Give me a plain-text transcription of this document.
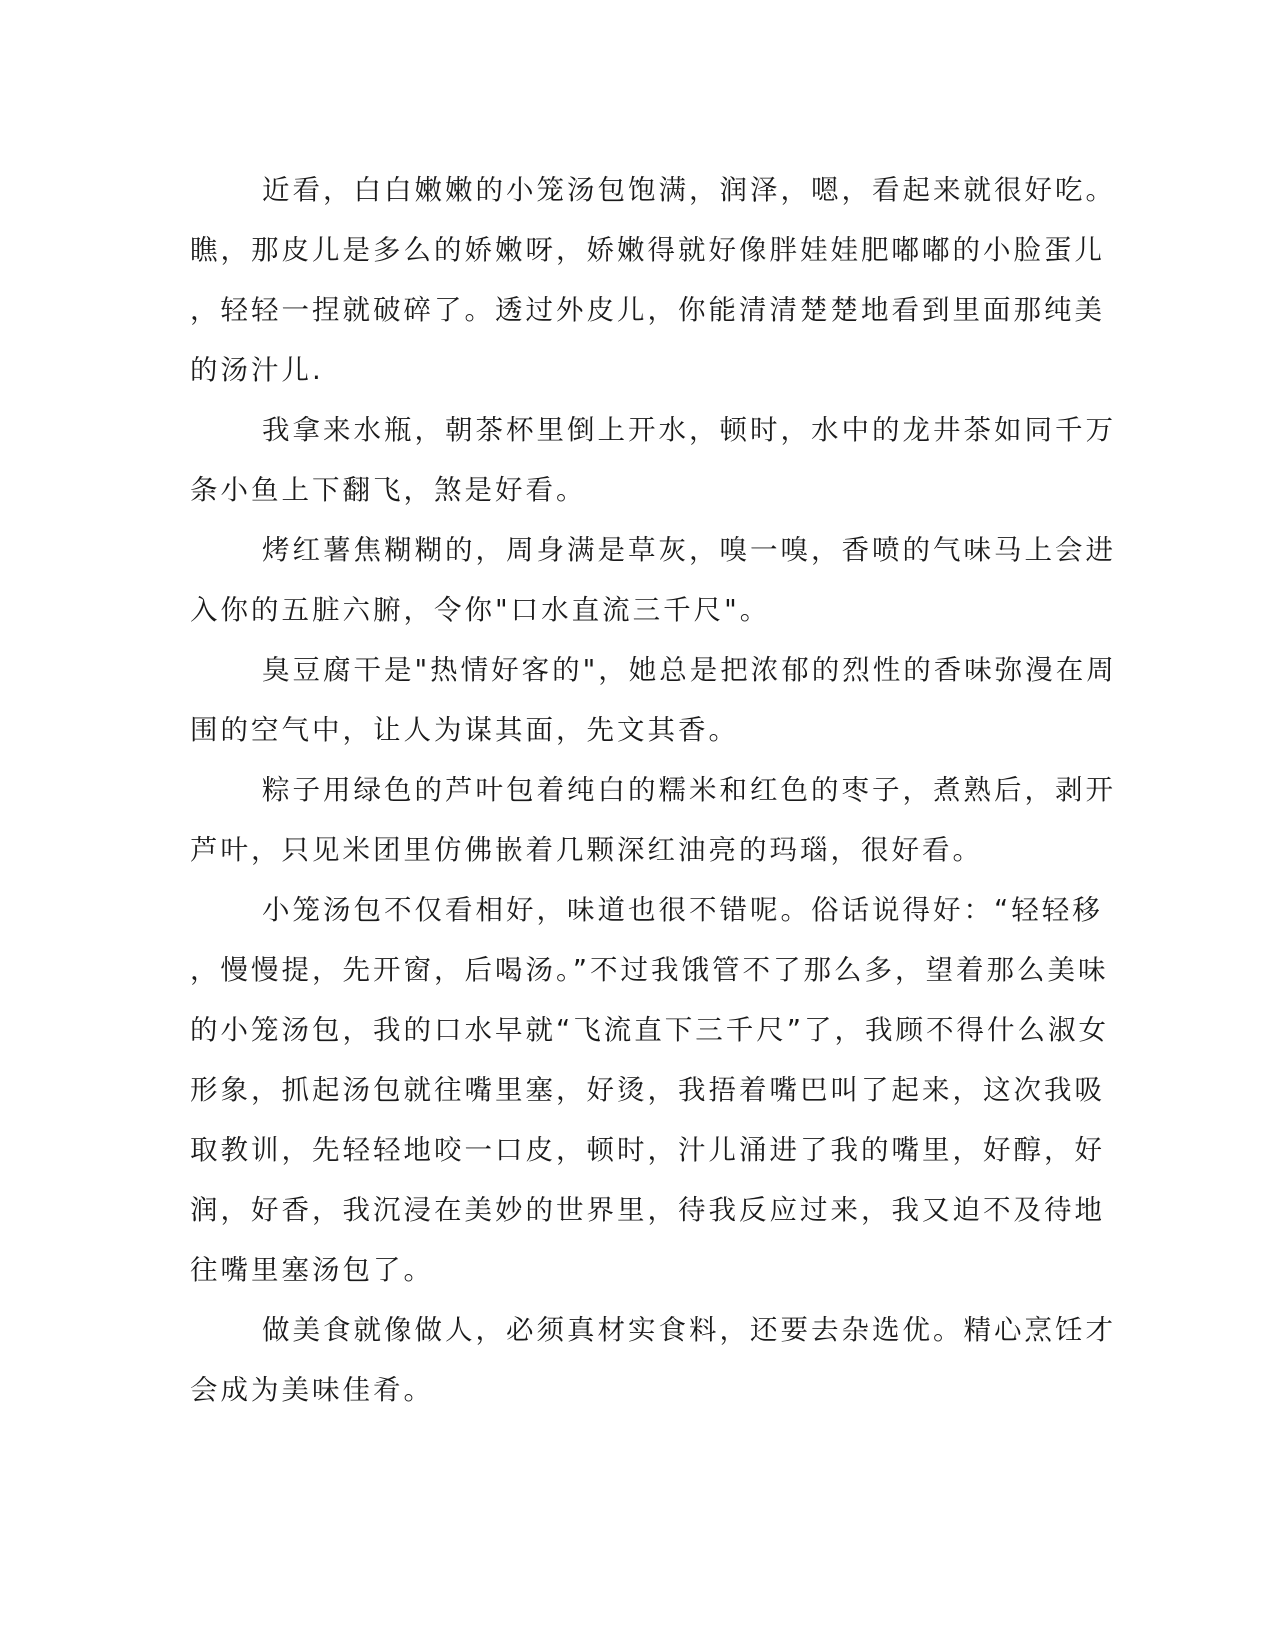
近看，白白嫩嫩的小笼汤包饱满，润泽，嗯，看起来就很好吃。
瞧，那皮儿是多么的娇嫩呀，娇嫩得就好像胖娃娃肥嘟嘟的小脸蛋儿
，轻轻一捏就破碎了。透过外皮儿，你能清清楚楚地看到里面那纯美
的汤汁儿.
我拿来水瓶，朝茶杯里倒上开水，顿时，水中的龙井茶如同千万
条小鱼上下翻飞，煞是好看。
烤红薯焦糊糊的，周身满是草灰，嗅一嗅，香喷的气味马上会进
入你的五脏六腑，令你"口水直流三千尺"。
臭豆腐干是"热情好客的"，她总是把浓郁的烈性的香味弥漫在周
围的空气中，让人为谋其面，先文其香。
粽子用绿色的芦叶包着纯白的糯米和红色的枣子，煮熟后，剥开
芦叶，只见米团里仿佛嵌着几颗深红油亮的玛瑙，很好看。
小笼汤包不仅看相好，味道也很不错呢。俗话说得好：“轻轻移
，慢慢提，先开窗，后喝汤。”不过我饿管不了那么多，望着那么美味
的小笼汤包，我的口水早就“飞流直下三千尺”了，我顾不得什么淑女
形象，抓起汤包就往嘴里塞，好烫，我捂着嘴巴叫了起来，这次我吸
取教训，先轻轻地咬一口皮，顿时，汁儿涌进了我的嘴里，好醇，好
润，好香，我沉浸在美妙的世界里，待我反应过来，我又迫不及待地
往嘴里塞汤包了。
做美食就像做人，必须真材实食料，还要去杂选优。精心烹饪才
会成为美味佳肴。
